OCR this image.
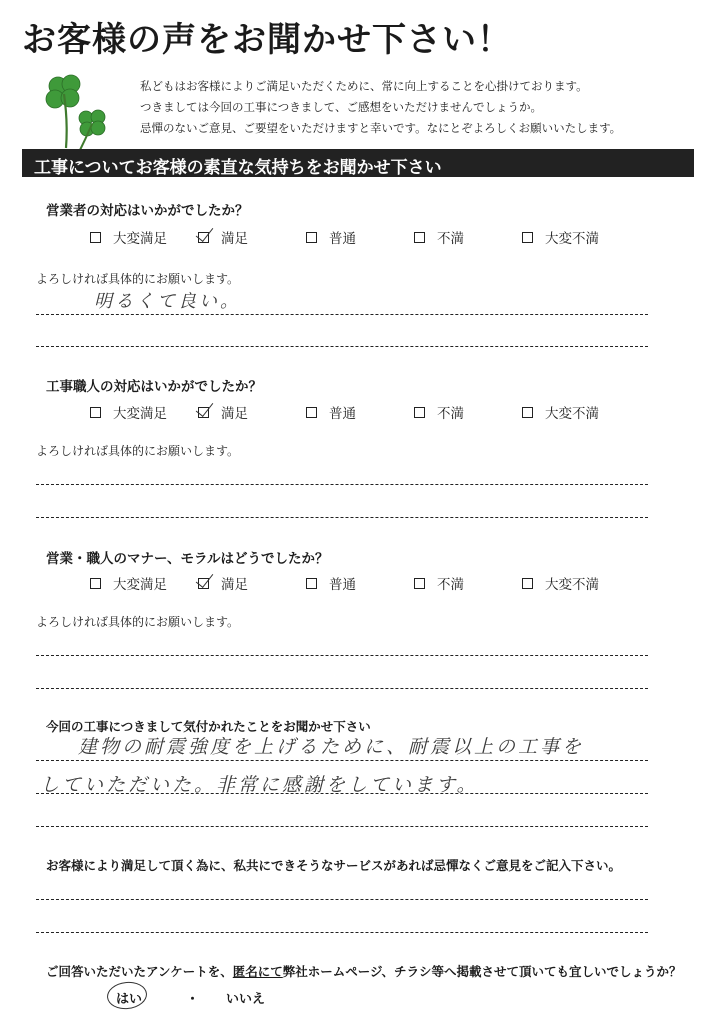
お客様の声をお聞かせ下さい！
私どもはお客様によりご満足いただくために、常に向上することを心掛けております。
つきましては今回の工事につきまして、ご感想をいただけませんでしょうか。
忌憚のないご意見、ご要望をいただけますと幸いです。なにとぞよろしくお願いいたします。
工事についてお客様の素直な気持ちをお聞かせ下さい
営業者の対応はいかがでしたか？
大変満足	満足	普通	不満	大変不満
よろしければ具体的にお願いします。
明るくて良い。
工事職人の対応はいかがでしたか？
大変満足	満足	普通	不満	大変不満
よろしければ具体的にお願いします。
営業・職人のマナー、モラルはどうでしたか？
大変満足	満足	普通	不満	大変不満
よろしければ具体的にお願いします。
今回の工事につきまして気付かれたことをお聞かせ下さい
建物の耐震強度を上げるために、耐震以上の工事を
していただいた。非常に感謝をしています。
お客様により満足して頂く為に、私共にできそうなサービスがあれば忌憚なくご意見をご記入下さい。
ご回答いただいたアンケートを、匿名にて弊社ホームページ、チラシ等へ掲載させて頂いても宜しいでしょうか？
はい	・ いいえ
